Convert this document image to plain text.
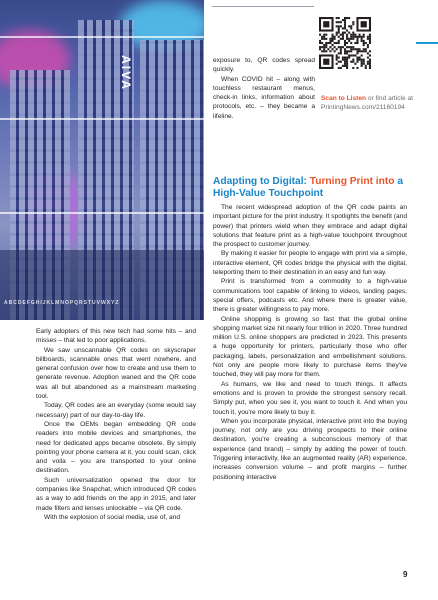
AIVA
ABCDEFGHIJKLMNOPQRSTUVWXYZ

Early adopters of this new tech had some hits – and misses – that led to poor applications.

We saw unscannable QR codes on skyscraper billboards, scannable ones that went nowhere, and general confusion over how to create and use them to generate revenue. Adoption waned and the QR code was all but abandoned as a mainstream marketing tool.

Today, QR codes are an everyday (some would say necessary) part of our day-to-day life.

Once the OEMs began embedding QR code readers into mobile devices and smartphones, the need for dedicated apps became obsolete. By simply pointing your phone camera at it, you could scan, click and voila – you are transported to your online destination.

Such universalization opened the door for companies like Snapchat, which introduced QR codes as a way to add friends on the app in 2015, and later made filters and lenses unlockable – via QR code.

With the explosion of social media, use of, and

exposure to, QR codes spread quickly.

When COVID hit – along with touchless restaurant menus, check-in links, information about protocols, etc. – they became a lifeline.

Scan to Listen or find article at PrintingNews.com/21160194
Adapting to Digital: Turning Print into a High-Value Touchpoint

The recent widespread adoption of the QR code paints an important picture for the print industry. It spotlights the benefit (and power) that printers wield when they embrace and adapt digital solutions that feature print as a high-value touchpoint throughout the prospect to customer journey.

By making it easier for people to engage with print via a simple, interactive element, QR codes bridge the physical with the digital, teleporting them to their destination in an easy and fun way.

Print is transformed from a commodity to a high-value communications tool capable of linking to videos, landing pages, special offers, podcasts etc. And where there is greater value, there is greater willingness to pay more.

Online shopping is growing so fast that the global online shopping market size hit nearly four trillion in 2020. Three hundred million U.S. online shoppers are predicted in 2023. This presents a huge opportunity for printers, particularly those who offer packaging, labels, personalization and embellishment solutions. Not only are people more likely to purchase items they've touched, they will pay more for them.

As humans, we like and need to touch things. It affects emotions and is proven to provide the strongest sensory recall. Simply put, when you see it, you want to touch it. And when you touch it, you're more likely to buy it.

When you incorporate physical, interactive print into the buying journey, not only are you driving prospects to their online destination, you're creating a subconscious memory of that experience (and brand) – simply by adding the power of touch. Triggering interactivity, like an augmented reality (AR) experience, increases conversion volume – and profit margins – further positioning interactive

9
